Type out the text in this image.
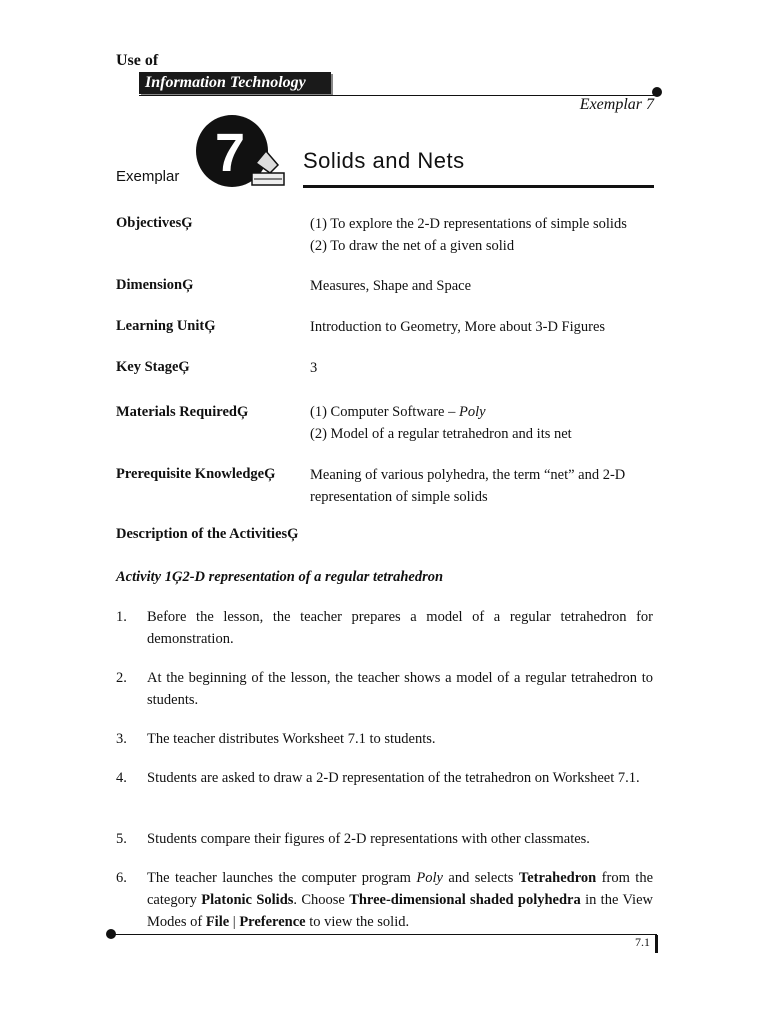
Use of
Information Technology
Exemplar 7
Exemplar 7	Solids and Nets
ObjectivesĢ	(1) To explore the 2-D representations of simple solids
(2) To draw the net of a given solid
DimensionĢ	Measures, Shape and Space
Learning UnitĢ	Introduction to Geometry, More about 3-D Figures
Key StageĢ	3
Materials RequiredĢ	(1) Computer Software – Poly
(2) Model of a regular tetrahedron and its net
Prerequisite KnowledgeĢ Meaning of various polyhedra, the term “net” and 2-D representation of simple solids
Description of the ActivitiesĢ
Activity 1Ģ2-D representation of a regular tetrahedron
1. Before the lesson, the teacher prepares a model of a regular tetrahedron for demonstration.
2. At the beginning of the lesson, the teacher shows a model of a regular tetrahedron to students.
3. The teacher distributes Worksheet 7.1 to students.
4. Students are asked to draw a 2-D representation of the tetrahedron on Worksheet 7.1.
5. Students compare their figures of 2-D representations with other classmates.
6. The teacher launches the computer program Poly and selects Tetrahedron from the category Platonic Solids. Choose Three-dimensional shaded polyhedra in the View Modes of File | Preference to view the solid.
7.1
